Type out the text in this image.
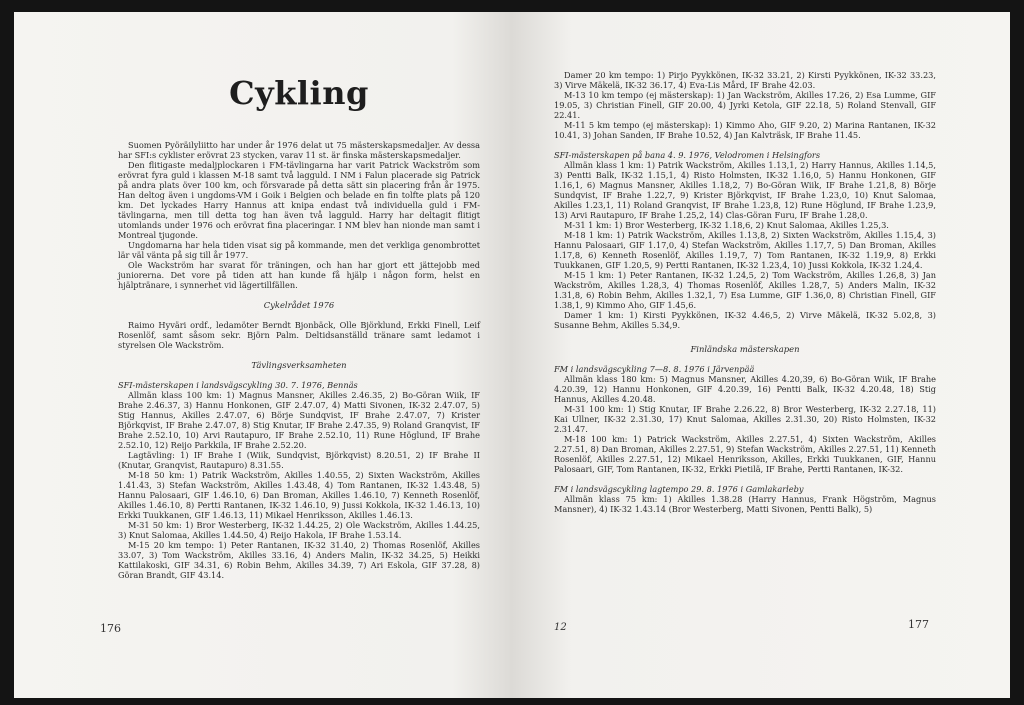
Cykling

Suomen Pyöräilyliitto har under år 1976 delat ut 75 mästerskapsmedaljer. Av dessa har SFI:s cyklister erövrat 23 stycken, varav 11 st. är finska mästerskapsmedaljer.

Den flitigaste medaljplockaren i FM-tävlingarna har varit Patrick Wackström som erövrat fyra guld i klassen M-18 samt två lagguld. I NM i Falun placerade sig Patrick på andra plats över 100 km, och försvarade på detta sätt sin placering från år 1975. Han deltog även i ungdoms-VM i Goik i Belgien och belade en fin tolfte plats på 120 km. Det lyckades Harry Hannus att knipa endast två individuella guld i FM-tävlingarna, men till detta tog han även två lagguld. Harry har deltagit flitigt utomlands under 1976 och erövrat fina placeringar. I NM blev han nionde man samt i Montreal tjugonde.

Ungdomarna har hela tiden visat sig på kommande, men det verkliga genombrottet lär väl vänta på sig till år 1977.

Ole Wackström har svarat för träningen, och han har gjort ett jättejobb med juniorerna. Det vore på tiden att han kunde få hjälp i någon form, helst en hjälptränare, i synnerhet vid lägertillfällen.

Cykelrådet 1976

Raimo Hyväri ordf., ledamöter Berndt Bjonbäck, Olle Björklund, Erkki Finell, Leif Rosenlöf, samt såsom sekr. Björn Palm. Deltidsanställd tränare samt ledamot i styrelsen Ole Wackström.

Tävlingsverksamheten

SFI-mästerskapen i landsvägscykling 30. 7. 1976, Bennäs

Allmän klass 100 km: 1) Magnus Mansner, Akilles 2.46.35, 2) Bo-Göran Wiik, IF Brahe 2.46.37, 3) Hannu Honkonen, GIF 2.47.07, 4) Matti Sivonen, IK-32 2.47.07, 5) Stig Hannus, Akilles 2.47.07, 6) Börje Sundqvist, IF Brahe 2.47.07, 7) Krister Björkqvist, IF Brahe 2.47.07, 8) Stig Knutar, IF Brahe 2.47.35, 9) Roland Granqvist, IF Brahe 2.52.10, 10) Arvi Rautapuro, IF Brahe 2.52.10, 11) Rune Höglund, IF Brahe 2.52.10, 12) Reijo Parkkila, IF Brahe 2.52.20.

Lagtävling: 1) IF Brahe I (Wiik, Sundqvist, Björkqvist) 8.20.51, 2) IF Brahe II (Knutar, Granqvist, Rautapuro) 8.31.55.

M-18 50 km: 1) Patrik Wackström, Akilles 1.40.55, 2) Sixten Wackström, Akilles 1.41.43, 3) Stefan Wackström, Akilles 1.43.48, 4) Tom Rantanen, IK-32 1.43.48, 5) Hannu Palosaari, GIF 1.46.10, 6) Dan Broman, Akilles 1.46.10, 7) Kenneth Rosenlöf, Akilles 1.46.10, 8) Pertti Rantanen, IK-32 1.46.10, 9) Jussi Kokkola, IK-32 1.46.13, 10) Erkki Tuukkanen, GIF 1.46.13, 11) Mikael Henriksson, Akilles 1.46.13.

M-31 50 km: 1) Bror Westerberg, IK-32 1.44.25, 2) Ole Wackström, Akilles 1.44.25, 3) Knut Salomaa, Akilles 1.44.50, 4) Reijo Hakola, IF Brahe 1.53.14.

M-15 20 km tempo: 1) Peter Rantanen, IK-32 31.40, 2) Thomas Rosenlöf, Akilles 33.07, 3) Tom Wackström, Akilles 33.16, 4) Anders Malin, IK-32 34.25, 5) Heikki Kattilakoski, GIF 34.31, 6) Robin Behm, Akilles 34.39, 7) Ari Eskola, GIF 37.28, 8) Göran Brandt, GIF 43.14.

176

Damer 20 km tempo: 1) Pirjo Pyykkönen, IK-32 33.21, 2) Kirsti Pyykkönen, IK-32 33.23, 3) Virve Mäkelä, IK-32 36.17, 4) Eva-Lis Mård, IF Brahe 42.03.

M-13 10 km tempo (ej mästerskap): 1) Jan Wackström, Akilles 17.26, 2) Esa Lumme, GIF 19.05, 3) Christian Finell, GIF 20.00, 4) Jyrki Ketola, GIF 22.18, 5) Roland Stenvall, GIF 22.41.

M-11 5 km tempo (ej mästerskap): 1) Kimmo Aho, GIF 9.20, 2) Marina Rantanen, IK-32 10.41, 3) Johan Sanden, IF Brahe 10.52, 4) Jan Kalvträsk, IF Brahe 11.45.

SFI-mästerskapen på bana 4. 9. 1976, Velodromen i Helsingfors

Allmän klass 1 km: 1) Patrik Wackström, Akilles 1.13,1, 2) Harry Hannus, Akilles 1.14,5, 3) Pentti Balk, IK-32 1.15,1, 4) Risto Holmsten, IK-32 1.16,0, 5) Hannu Honkonen, GIF 1.16,1, 6) Magnus Mansner, Akilles 1.18,2, 7) Bo-Göran Wiik, IF Brahe 1.21,8, 8) Börje Sundqvist, IF Brahe 1.22,7, 9) Krister Björkqvist, IF Brahe 1.23,0, 10) Knut Salomaa, Akilles 1.23,1, 11) Roland Granqvist, IF Brahe 1.23,8, 12) Rune Höglund, IF Brahe 1.23,9, 13) Arvi Rautapuro, IF Brahe 1.25,2, 14) Clas-Göran Furu, IF Brahe 1.28,0.

M-31 1 km: 1) Bror Westerberg, IK-32 1.18,6, 2) Knut Salomaa, Akilles 1.25,3.

M-18 1 km: 1) Patrik Wackström, Akilles 1.13,8, 2) Sixten Wackström, Akilles 1.15,4, 3) Hannu Palosaari, GIF 1.17,0, 4) Stefan Wackström, Akilles 1.17,7, 5) Dan Broman, Akilles 1.17,8, 6) Kenneth Rosenlöf, Akilles 1.19,7, 7) Tom Rantanen, IK-32 1.19,9, 8) Erkki Tuukkanen, GIF 1.20,5, 9) Pertti Rantanen, IK-32 1.23,4, 10) Jussi Kokkola, IK-32 1.24,4.

M-15 1 km: 1) Peter Rantanen, IK-32 1.24,5, 2) Tom Wackström, Akilles 1.26,8, 3) Jan Wackström, Akilles 1.28,3, 4) Thomas Rosenlöf, Akilles 1.28,7, 5) Anders Malin, IK-32 1.31,8, 6) Robin Behm, Akilles 1.32,1, 7) Esa Lumme, GIF 1.36,0, 8) Christian Finell, GIF 1.38,1, 9) Kimmo Aho, GIF 1.45,6.

Damer 1 km: 1) Kirsti Pyykkönen, IK-32 4.46,5, 2) Virve Mäkelä, IK-32 5.02,8, 3) Susanne Behm, Akilles 5.34,9.

Finländska mästerskapen

FM i landsvägscykling 7—8. 8. 1976 i Järvenpää

Allmän klass 180 km: 5) Magnus Mansner, Akilles 4.20,39, 6) Bo-Göran Wiik, IF Brahe 4.20.39, 12) Hannu Honkonen, GIF 4.20.39, 16) Pentti Balk, IK-32 4.20.48, 18) Stig Hannus, Akilles 4.20.48.

M-31 100 km: 1) Stig Knutar, IF Brahe 2.26.22, 8) Bror Westerberg, IK-32 2.27.18, 11) Kai Ullner, IK-32 2.31.30, 17) Knut Salomaa, Akilles 2.31.30, 20) Risto Holmsten, IK-32 2.31.47.

M-18 100 km: 1) Patrick Wackström, Akilles 2.27.51, 4) Sixten Wackström, Akilles 2.27.51, 8) Dan Broman, Akilles 2.27.51, 9) Stefan Wackström, Akilles 2.27.51, 11) Kenneth Rosenlöf, Akilles 2.27.51, 12) Mikael Henriksson, Akilles, Erkki Tuukkanen, GIF, Hannu Palosaari, GIF, Tom Rantanen, IK-32, Erkki Pietilä, IF Brahe, Pertti Rantanen, IK-32.

FM i landsvägscykling lagtempo 29. 8. 1976 i Gamlakarleby

Allmän klass 75 km: 1) Akilles 1.38.28 (Harry Hannus, Frank Högström, Magnus Mansner), 4) IK-32 1.43.14 (Bror Westerberg, Matti Sivonen, Pentti Balk), 5)

12	177
